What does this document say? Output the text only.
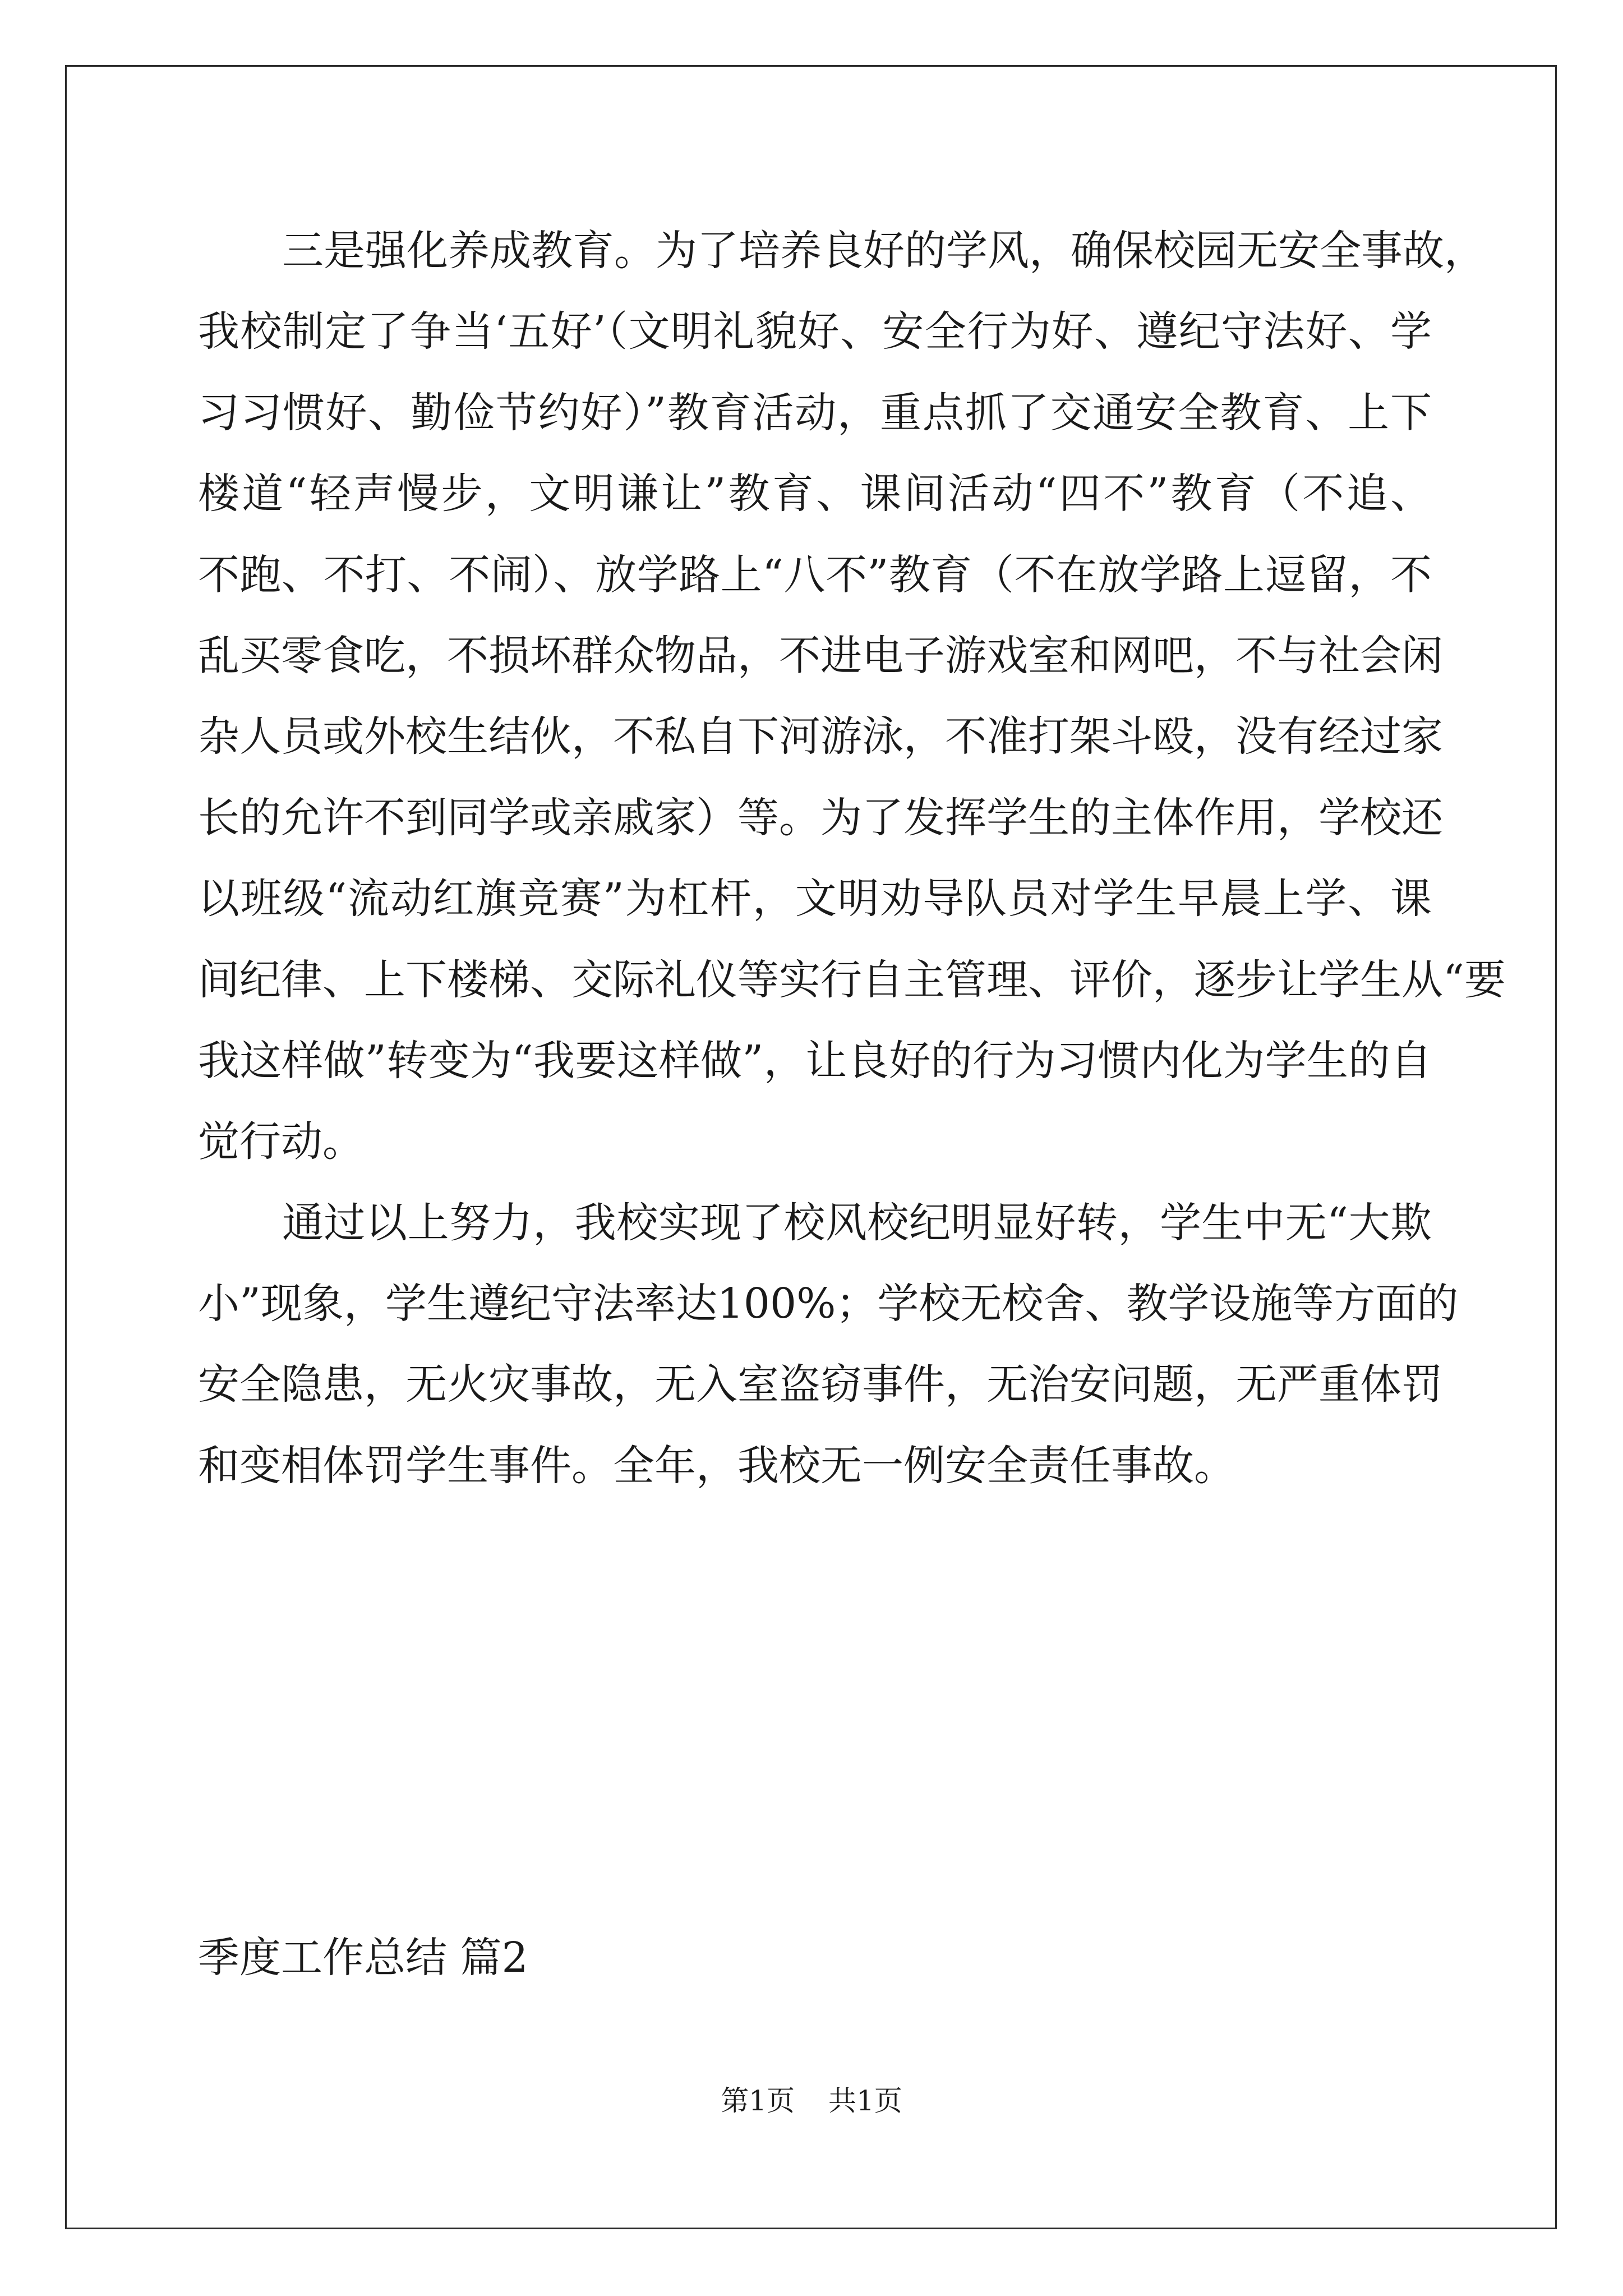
三是强化养成教育。为了培养良好的学风，确保校园无安全事故，
我校制定了争当‘五好’（文明礼貌好、安全行为好、遵纪守法好、学
习习惯好、勤俭节约好）”教育活动，重点抓了交通安全教育、上下
楼道“轻声慢步，文明谦让”教育、课间活动“四不”教育（不追、
不跑、不打、不闹）、放学路上“八不”教育（不在放学路上逗留，不
乱买零食吃，不损坏群众物品，不进电子游戏室和网吧，不与社会闲
杂人员或外校生结伙，不私自下河游泳，不准打架斗殴，没有经过家
长的允许不到同学或亲戚家）等。为了发挥学生的主体作用，学校还
以班级“流动红旗竞赛”为杠杆，文明劝导队员对学生早晨上学、课
间纪律、上下楼梯、交际礼仪等实行自主管理、评价，逐步让学生从“要
我这样做”转变为“我要这样做”，让良好的行为习惯内化为学生的自
觉行动。
通过以上努力，我校实现了校风校纪明显好转，学生中无“大欺
小”现象，学生遵纪守法率达100%；学校无校舍、教学设施等方面的
安全隐患，无火灾事故，无入室盗窃事件，无治安问题，无严重体罚
和变相体罚学生事件。全年，我校无一例安全责任事故。
季度工作总结 篇2
第1页 共1页
